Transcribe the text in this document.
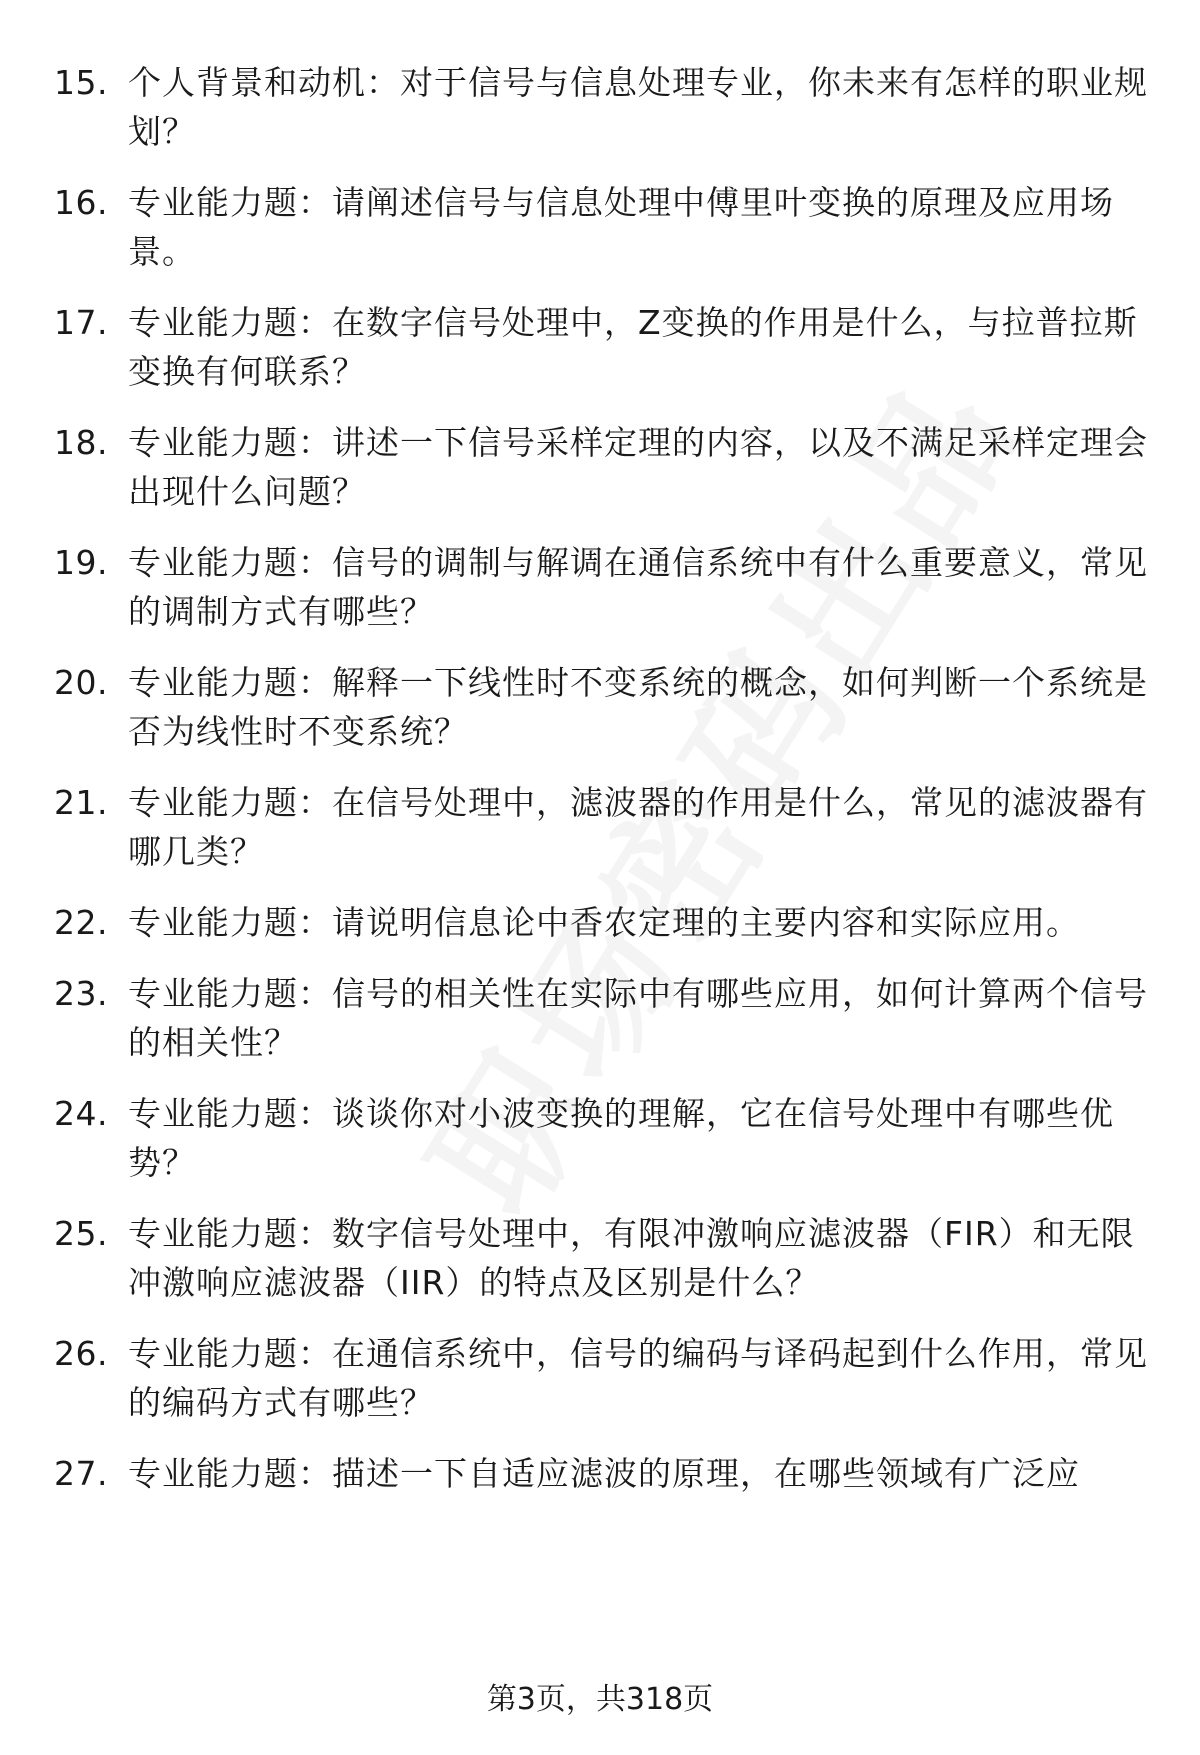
15. 个人背景和动机：对于信号与信息处理专业，你未来有怎样的职业规划？
16. 专业能力题：请阐述信号与信息处理中傅里叶变换的原理及应用场景。
17. 专业能力题：在数字信号处理中，Z变换的作用是什么，与拉普拉斯变换有何联系？
18. 专业能力题：讲述一下信号采样定理的内容，以及不满足采样定理会出现什么问题？
19. 专业能力题：信号的调制与解调在通信系统中有什么重要意义，常见的调制方式有哪些？
20. 专业能力题：解释一下线性时不变系统的概念，如何判断一个系统是否为线性时不变系统？
21. 专业能力题：在信号处理中，滤波器的作用是什么，常见的滤波器有哪几类？
22. 专业能力题：请说明信息论中香农定理的主要内容和实际应用。
23. 专业能力题：信号的相关性在实际中有哪些应用，如何计算两个信号的相关性？
24. 专业能力题：谈谈你对小波变换的理解，它在信号处理中有哪些优势？
25. 专业能力题：数字信号处理中，有限冲激响应滤波器（FIR）和无限冲激响应滤波器（IIR）的特点及区别是什么？
26. 专业能力题：在通信系统中，信号的编码与译码起到什么作用，常见的编码方式有哪些？
27. 专业能力题：描述一下自适应滤波的原理，在哪些领域有广泛应
第3页，共318页
